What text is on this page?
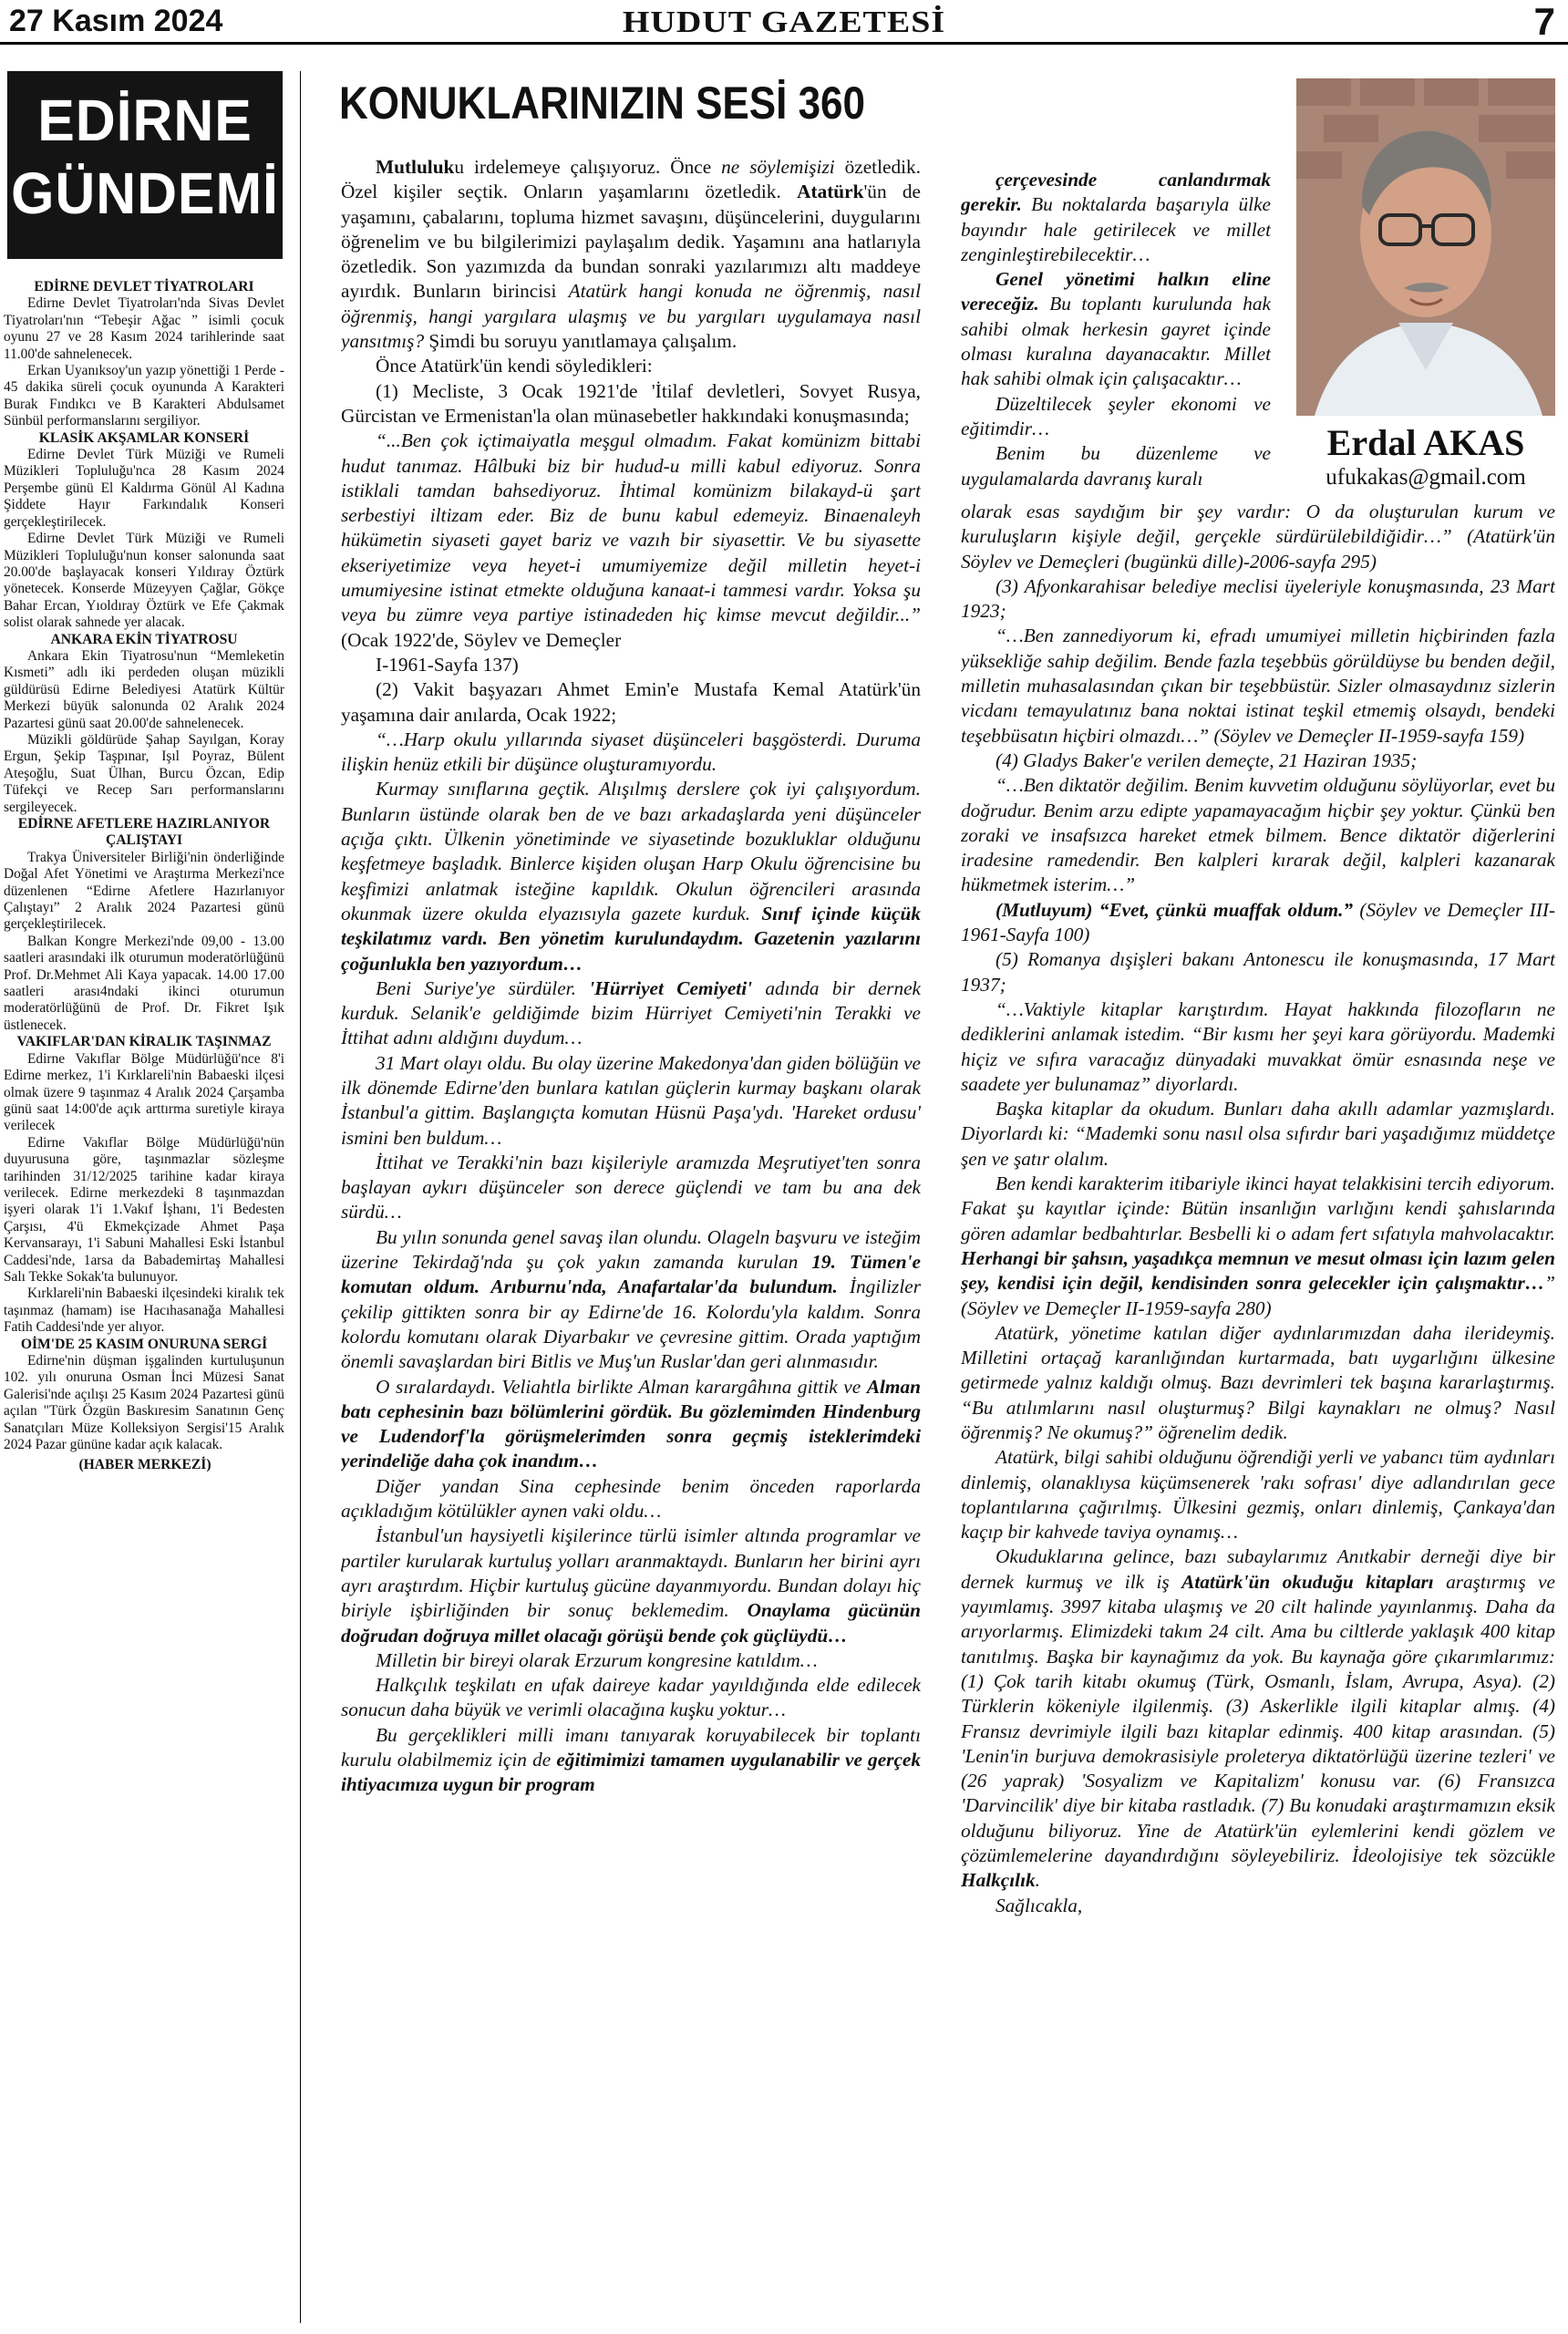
27 Kasım 2024	HUDUT GAZETESİ	7
EDİRNE
GÜNDEMİ
EDİRNE DEVLET TİYATROLARI

Edirne Devlet Tiyatroları'nda Sivas Devlet Tiyatroları'nın “Tebeşir Ağac ” isimli çocuk oyunu 27 ve 28 Kasım 2024 tarihlerinde saat 11.00'de sahnelenecek.

Erkan Uyanıksoy'un yazıp yönettiği 1 Perde - 45 dakika süreli çocuk oyununda A Karakteri Burak Fındıkcı ve B Karakteri Abdulsamet Sünbül performanslarını sergiliyor.

KLASİK AKŞAMLAR KONSERİ

Edirne Devlet Türk Müziği ve Rumeli Müzikleri Topluluğu'nca 28 Kasım 2024 Perşembe günü El Kaldırma Gönül Al Kadına Şiddete Hayır Farkındalık Konseri gerçekleştirilecek.

Edirne Devlet Türk Müziği ve Rumeli Müzikleri Topluluğu'nun konser salonunda saat 20.00'de başlayacak konseri Yıldıray Öztürk yönetecek. Konserde Müzeyyen Çağlar, Gökçe Bahar Ercan, Yıoldıray Öztürk ve Efe Çakmak solist olarak sahnede yer alacak.

ANKARA EKİN TİYATROSU

Ankara Ekin Tiyatrosu'nun “Memleketin Kısmeti” adlı iki perdeden oluşan müzikli güldürüsü Edirne Belediyesi Atatürk Kültür Merkezi büyük salonunda 02 Aralık 2024 Pazartesi günü saat 20.00'de sahnelenecek.

Müzikli göldürüde Şahap Sayılgan, Koray Ergun, Şekip Taşpınar, Işıl Poyraz, Bülent Ateşoğlu, Suat Ülhan, Burcu Özcan, Edip Tüfekçi ve Recep Sarı performanslarını sergileyecek.

EDİRNE AFETLERE HAZIRLANIYOR ÇALIŞTAYI

Trakya Üniversiteler Birliği'nin önderliğinde Doğal Afet Yönetimi ve Araştırma Merkezi'nce düzenlenen “Edirne Afetlere Hazırlanıyor Çalıştayı” 2 Aralık 2024 Pazartesi günü gerçekleştirilecek.

Balkan Kongre Merkezi'nde 09,00 - 13.00 saatleri arasındaki ilk oturumun moderatörlüğünü Prof. Dr.Mehmet Ali Kaya yapacak. 14.00 17.00 saatleri arası4ndaki ikinci oturumun moderatörlüğünü de Prof. Dr. Fikret Işık üstlenecek.

VAKIFLAR'DAN KİRALIK TAŞINMAZ

Edirne Vakıflar Bölge Müdürlüğü'nce 8'i Edirne merkez, 1'i Kırklareli'nin Babaeski ilçesi olmak üzere 9 taşınmaz 4 Aralık 2024 Çarşamba günü saat 14:00'de açık arttırma suretiyle kiraya verilecek

Edirne Vakıflar Bölge Müdürlüğü'nün duyurusuna göre, taşınmazlar sözleşme tarihinden 31/12/2025 tarihine kadar kiraya verilecek. Edirne merkezdeki 8 taşınmazdan işyeri olarak 1'i 1.Vakıf İşhanı, 1'i Bedesten Çarşısı, 4'ü Ekmekçizade Ahmet Paşa Kervansarayı, 1'i Sabuni Mahallesi Eski İstanbul Caddesi'nde, 1arsa da Babademirtaş Mahallesi Salı Tekke Sokak'ta bulunuyor.

Kırklareli'nin Babaeski ilçesindeki kiralık tek taşınmaz (hamam) ise Hacıhasanağa Mahallesi Fatih Caddesi'nde yer alıyor.

OİM'DE 25 KASIM ONURUNA SERGİ

Edirne'nin düşman işgalinden kurtuluşunun 102. yılı onuruna Osman İnci Müzesi Sanat Galerisi'nde açılışı 25 Kasım 2024 Pazartesi günü açılan "Türk Özgün Baskıresim Sanatının Genç Sanatçıları Müze Kolleksiyon Sergisi'15 Aralık 2024 Pazar gününe kadar açık kalacak.

(HABER MERKEZİ)
KONUKLARINIZIN SESİ 360
Erdal AKAS
ufukakas@gmail.com

Mutluluku irdelemeye çalışıyoruz. Önce ne söylemişizi özetledik. Özel kişiler seçtik. Onların yaşamlarını özetledik. Atatürk'ün de yaşamını, çabalarını, topluma hizmet savaşını, düşüncelerini, duygularını öğrenelim ve bu bilgilerimizi paylaşalım dedik. Yaşamını ana hatlarıyla özetledik. Son yazımızda da bundan sonraki yazılarımızı altı maddeye ayırdık. Bunların birincisi Atatürk hangi konuda ne öğrenmiş, nasıl öğrenmiş, hangi yargılara ulaşmış ve bu yargıları uygulamaya nasıl yansıtmış? Şimdi bu soruyu yanıtlamaya çalışalım.

Önce Atatürk'ün kendi söyledikleri:

(1) Mecliste, 3 Ocak 1921'de 'İtilaf devletleri, Sovyet Rusya, Gürcistan ve Ermenistan'la olan münasebetler hakkındaki konuşmasında;

“...Ben çok içtimaiyatla meşgul olmadım. Fakat komünizm bittabi hudut tanımaz. Hâlbuki biz bir hudud-u milli kabul ediyoruz. Sonra istiklali tamdan bahsediyoruz. İhtimal komünizm bilakayd-ü şart serbestiyi iltizam eder. Biz de bunu kabul edemeyiz. Binaenaleyh hükümetin siyaseti gayet bariz ve vazıh bir siyasettir. Ve bu siyasette ekseriyetimize veya heyet-i umumiyemize değil milletin heyet-i umumiyesine istinat etmekte olduğuna kanaat-i tammesi vardır. Yoksa şu veya bu zümre veya partiye istinadeden hiç kimse mevcut değildir...” (Ocak 1922'de, Söylev ve Demeçler

I-1961-Sayfa 137)

(2) Vakit başyazarı Ahmet Emin'e Mustafa Kemal Atatürk'ün yaşamına dair anılarda, Ocak 1922;

“…Harp okulu yıllarında siyaset düşünceleri başgösterdi. Duruma ilişkin henüz etkili bir düşünce oluşturamıyordu.

Kurmay sınıflarına geçtik. Alışılmış derslere çok iyi çalışıyordum. Bunların üstünde olarak ben de ve bazı arkadaşlarda yeni düşünceler açığa çıktı. Ülkenin yönetiminde ve siyasetinde bozukluklar olduğunu keşfetmeye başladık. Binlerce kişiden oluşan Harp Okulu öğrencisine bu keşfimizi anlatmak isteğine kapıldık. Okulun öğrencileri arasında okunmak üzere okulda elyazısıyla gazete kurduk. Sınıf içinde küçük teşkilatımız vardı. Ben yönetim kurulundaydım. Gazetenin yazılarını çoğunlukla ben yazıyordum…

Beni Suriye'ye sürdüler. 'Hürriyet Cemiyeti' adında bir dernek kurduk. Selanik'e geldiğimde bizim Hürriyet Cemiyeti'nin Terakki ve İttihat adını aldığını duydum…

31 Mart olayı oldu. Bu olay üzerine Makedonya'dan giden bölüğün ve ilk dönemde Edirne'den bunlara katılan güçlerin kurmay başkanı olarak İstanbul'a gittim. Başlangıçta komutan Hüsnü Paşa'ydı. 'Hareket ordusu' ismini ben buldum…

İttihat ve Terakki'nin bazı kişileriyle aramızda Meşrutiyet'ten sonra başlayan aykırı düşünceler son derece güçlendi ve tam bu ana dek sürdü…

Bu yılın sonunda genel savaş ilan olundu. Olageln başvuru ve isteğim üzerine Tekirdağ'nda şu çok yakın zamanda kurulan 19. Tümen'e komutan oldum. Arıburnu'nda, Anafartalar'da bulundum. İngilizler çekilip gittikten sonra bir ay Edirne'de 16. Kolordu'yla kaldım. Sonra kolordu komutanı olarak Diyarbakır ve çevresine gittim. Orada yaptığım önemli savaşlardan biri Bitlis ve Muş'un Ruslar'dan geri alınmasıdır.

O sıralardaydı. Veliahtla birlikte Alman karargâhına gittik ve Alman batı cephesinin bazı bölümlerini gördük. Bu gözlemimden Hindenburg ve Ludendorf'la görüşmelerimden sonra geçmiş isteklerimdeki yerindeliğe daha çok inandım…

Diğer yandan Sina cephesinde benim önceden raporlarda açıkladığım kötülükler aynen vaki oldu…

İstanbul'un haysiyetli kişilerince türlü isimler altında programlar ve partiler kurularak kurtuluş yolları aranmaktaydı. Bunların her birini ayrı ayrı araştırdım. Hiçbir kurtuluş gücüne dayanmıyordu. Bundan dolayı hiç biriyle işbirliğinden bir sonuç beklemedim. Onaylama gücünün doğrudan doğruya millet olacağı görüşü bende çok güçlüydü…

Milletin bir bireyi olarak Erzurum kongresine katıldım…

Halkçılık teşkilatı en ufak daireye kadar yayıldığında elde edilecek sonucun daha büyük ve verimli olacağına kuşku yoktur…

Bu gerçeklikleri milli imanı tanıyarak koruyabilecek bir toplantı kurulu olabilmemiz için de eğitimimizi tamamen uygulanabilir ve gerçek ihtiyacımıza uygun bir program

çerçevesinde canlandırmak gerekir. Bu noktalarda başarıyla ülke bayındır hale getirilecek ve millet zenginleştirebilecektir…

Genel yönetimi halkın eline vereceğiz. Bu toplantı kurulunda hak sahibi olmak herkesin gayret içinde olması kuralına dayanacaktır. Millet hak sahibi olmak için çalışacaktır…

Düzeltilecek şeyler ekonomi ve eğitimdir…

Benim bu düzenleme ve uygulamalarda davranış kuralı

olarak esas saydığım bir şey vardır: O da oluşturulan kurum ve kuruluşların kişiyle değil, gerçekle sürdürülebildiğidir…” (Atatürk'ün Söylev ve Demeçleri (bugünkü dille)-2006-sayfa 295)

(3) Afyonkarahisar belediye meclisi üyeleriyle konuşmasında, 23 Mart 1923;

“…Ben zannediyorum ki, efradı umumiyei milletin hiçbirinden fazla yüksekliğe sahip değilim. Bende fazla teşebbüs görüldüyse bu benden değil, milletin muhasalasından çıkan bir teşebbüstür. Sizler olmasaydınız sizlerin vicdanı temayulatınız bana noktai istinat teşkil etmemiş olsaydı, bendeki teşebbüsatın hiçbiri olmazdı…” (Söylev ve Demeçler II-1959-sayfa 159)

(4) Gladys Baker'e verilen demeçte, 21 Haziran 1935;

“…Ben diktatör değilim. Benim kuvvetim olduğunu söylüyorlar, evet bu doğrudur. Benim arzu edipte yapamayacağım hiçbir şey yoktur. Çünkü ben zoraki ve insafsızca hareket etmek bilmem. Bence diktatör diğerlerini iradesine ramedendir. Ben kalpleri kırarak değil, kalpleri kazanarak hükmetmek isterim…”

(Mutluyum) “Evet, çünkü muaffak oldum.” (Söylev ve Demeçler III-1961-Sayfa 100)

(5) Romanya dışişleri bakanı Antonescu ile konuşmasında, 17 Mart 1937;

“…Vaktiyle kitaplar karıştırdım. Hayat hakkında filozofların ne dediklerini anlamak istedim. “Bir kısmı her şeyi kara görüyordu. Mademki hiçiz ve sıfıra varacağız dünyadaki muvakkat ömür esnasında neşe ve saadete yer bulunamaz” diyorlardı.

Başka kitaplar da okudum. Bunları daha akıllı adamlar yazmışlardı. Diyorlardı ki: “Mademki sonu nasıl olsa sıfırdır bari yaşadığımız müddetçe şen ve şatır olalım.

Ben kendi karakterim itibariyle ikinci hayat telakkisini tercih ediyorum. Fakat şu kayıtlar içinde: Bütün insanlığın varlığını kendi şahıslarında gören adamlar bedbahtırlar. Besbelli ki o adam fert sıfatıyla mahvolacaktır. Herhangi bir şahsın, yaşadıkça memnun ve mesut olması için lazım gelen şey, kendisi için değil, kendisinden sonra gelecekler için çalışmaktır…” (Söylev ve Demeçler II-1959-sayfa 280)

Atatürk, yönetime katılan diğer aydınlarımızdan daha ilerideymiş. Milletini ortaçağ karanlığından kurtarmada, batı uygarlığını ülkesine getirmede yalnız kaldığı olmuş. Bazı devrimleri tek başına kararlaştırmış. “Bu atılımlarını nasıl oluşturmuş? Bilgi kaynakları ne olmuş? Nasıl öğrenmiş? Ne okumuş?” öğrenelim dedik.

Atatürk, bilgi sahibi olduğunu öğrendiği yerli ve yabancı tüm aydınları dinlemiş, olanaklıysa küçümsenerek 'rakı sofrası' diye adlandırılan gece toplantılarına çağırılmış. Ülkesini gezmiş, onları dinlemiş, Çankaya'dan kaçıp bir kahvede taviya oynamış…

Okuduklarına gelince, bazı subaylarımız Anıtkabir derneği diye bir dernek kurmuş ve ilk iş Atatürk'ün okuduğu kitapları araştırmış ve yayımlamış. 3997 kitaba ulaşmış ve 20 cilt halinde yayınlanmış. Daha da arıyorlarmış. Elimizdeki takım 24 cilt. Ama bu ciltlerde yaklaşık 400 kitap tanıtılmış. Başka bir kaynağımız da yok. Bu kaynağa göre çıkarımlarımız: (1) Çok tarih kitabı okumuş (Türk, Osmanlı, İslam, Avrupa, Asya). (2) Türklerin kökeniyle ilgilenmiş. (3) Askerlikle ilgili kitaplar almış. (4) Fransız devrimiyle ilgili bazı kitaplar edinmiş. 400 kitap arasından. (5) 'Lenin'in burjuva demokrasisiyle proleterya diktatörlüğü üzerine tezleri' ve (26 yaprak) 'Sosyalizm ve Kapitalizm' konusu var. (6) Fransızca 'Darvincilik' diye bir kitaba rastladık. (7) Bu konudaki araştırmamızın eksik olduğunu biliyoruz. Yine de Atatürk'ün eylemlerini kendi gözlem ve çözümlemelerine dayandırdığını söyleyebiliriz. İdeolojisiye tek sözcükle Halkçılık.

Sağlıcakla,
